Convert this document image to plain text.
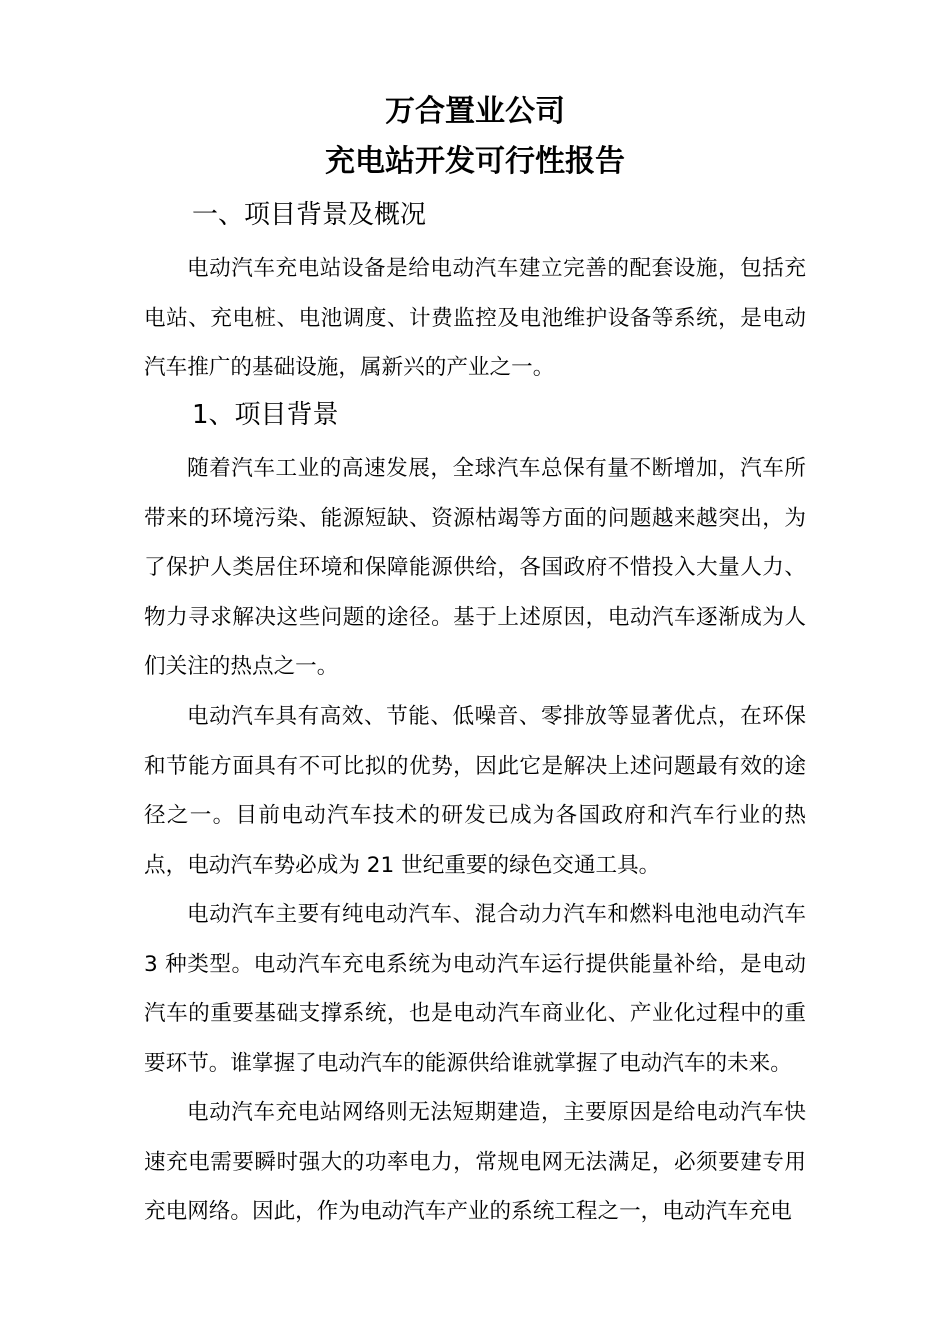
万合置业公司
充电站开发可行性报告
一、项目背景及概况

电动汽车充电站设备是给电动汽车建立完善的配套设施，包括充电站、充电桩、电池调度、计费监控及电池维护设备等系统，是电动汽车推广的基础设施，属新兴的产业之一。

1、项目背景

随着汽车工业的高速发展，全球汽车总保有量不断增加，汽车所带来的环境污染、能源短缺、资源枯竭等方面的问题越来越突出，为了保护人类居住环境和保障能源供给，各国政府不惜投入大量人力、物力寻求解决这些问题的途径。基于上述原因，电动汽车逐渐成为人们关注的热点之一。

电动汽车具有高效、节能、低噪音、零排放等显著优点，在环保和节能方面具有不可比拟的优势，因此它是解决上述问题最有效的途径之一。目前电动汽车技术的研发已成为各国政府和汽车行业的热点，电动汽车势必成为 21 世纪重要的绿色交通工具。

电动汽车主要有纯电动汽车、混合动力汽车和燃料电池电动汽车 3 种类型。电动汽车充电系统为电动汽车运行提供能量补给，是电动汽车的重要基础支撑系统，也是电动汽车商业化、产业化过程中的重要环节。谁掌握了电动汽车的能源供给谁就掌握了电动汽车的未来。

电动汽车充电站网络则无法短期建造，主要原因是给电动汽车快速充电需要瞬时强大的功率电力，常规电网无法满足，必须要建专用充电网络。因此，作为电动汽车产业的系统工程之一，电动汽车充电
